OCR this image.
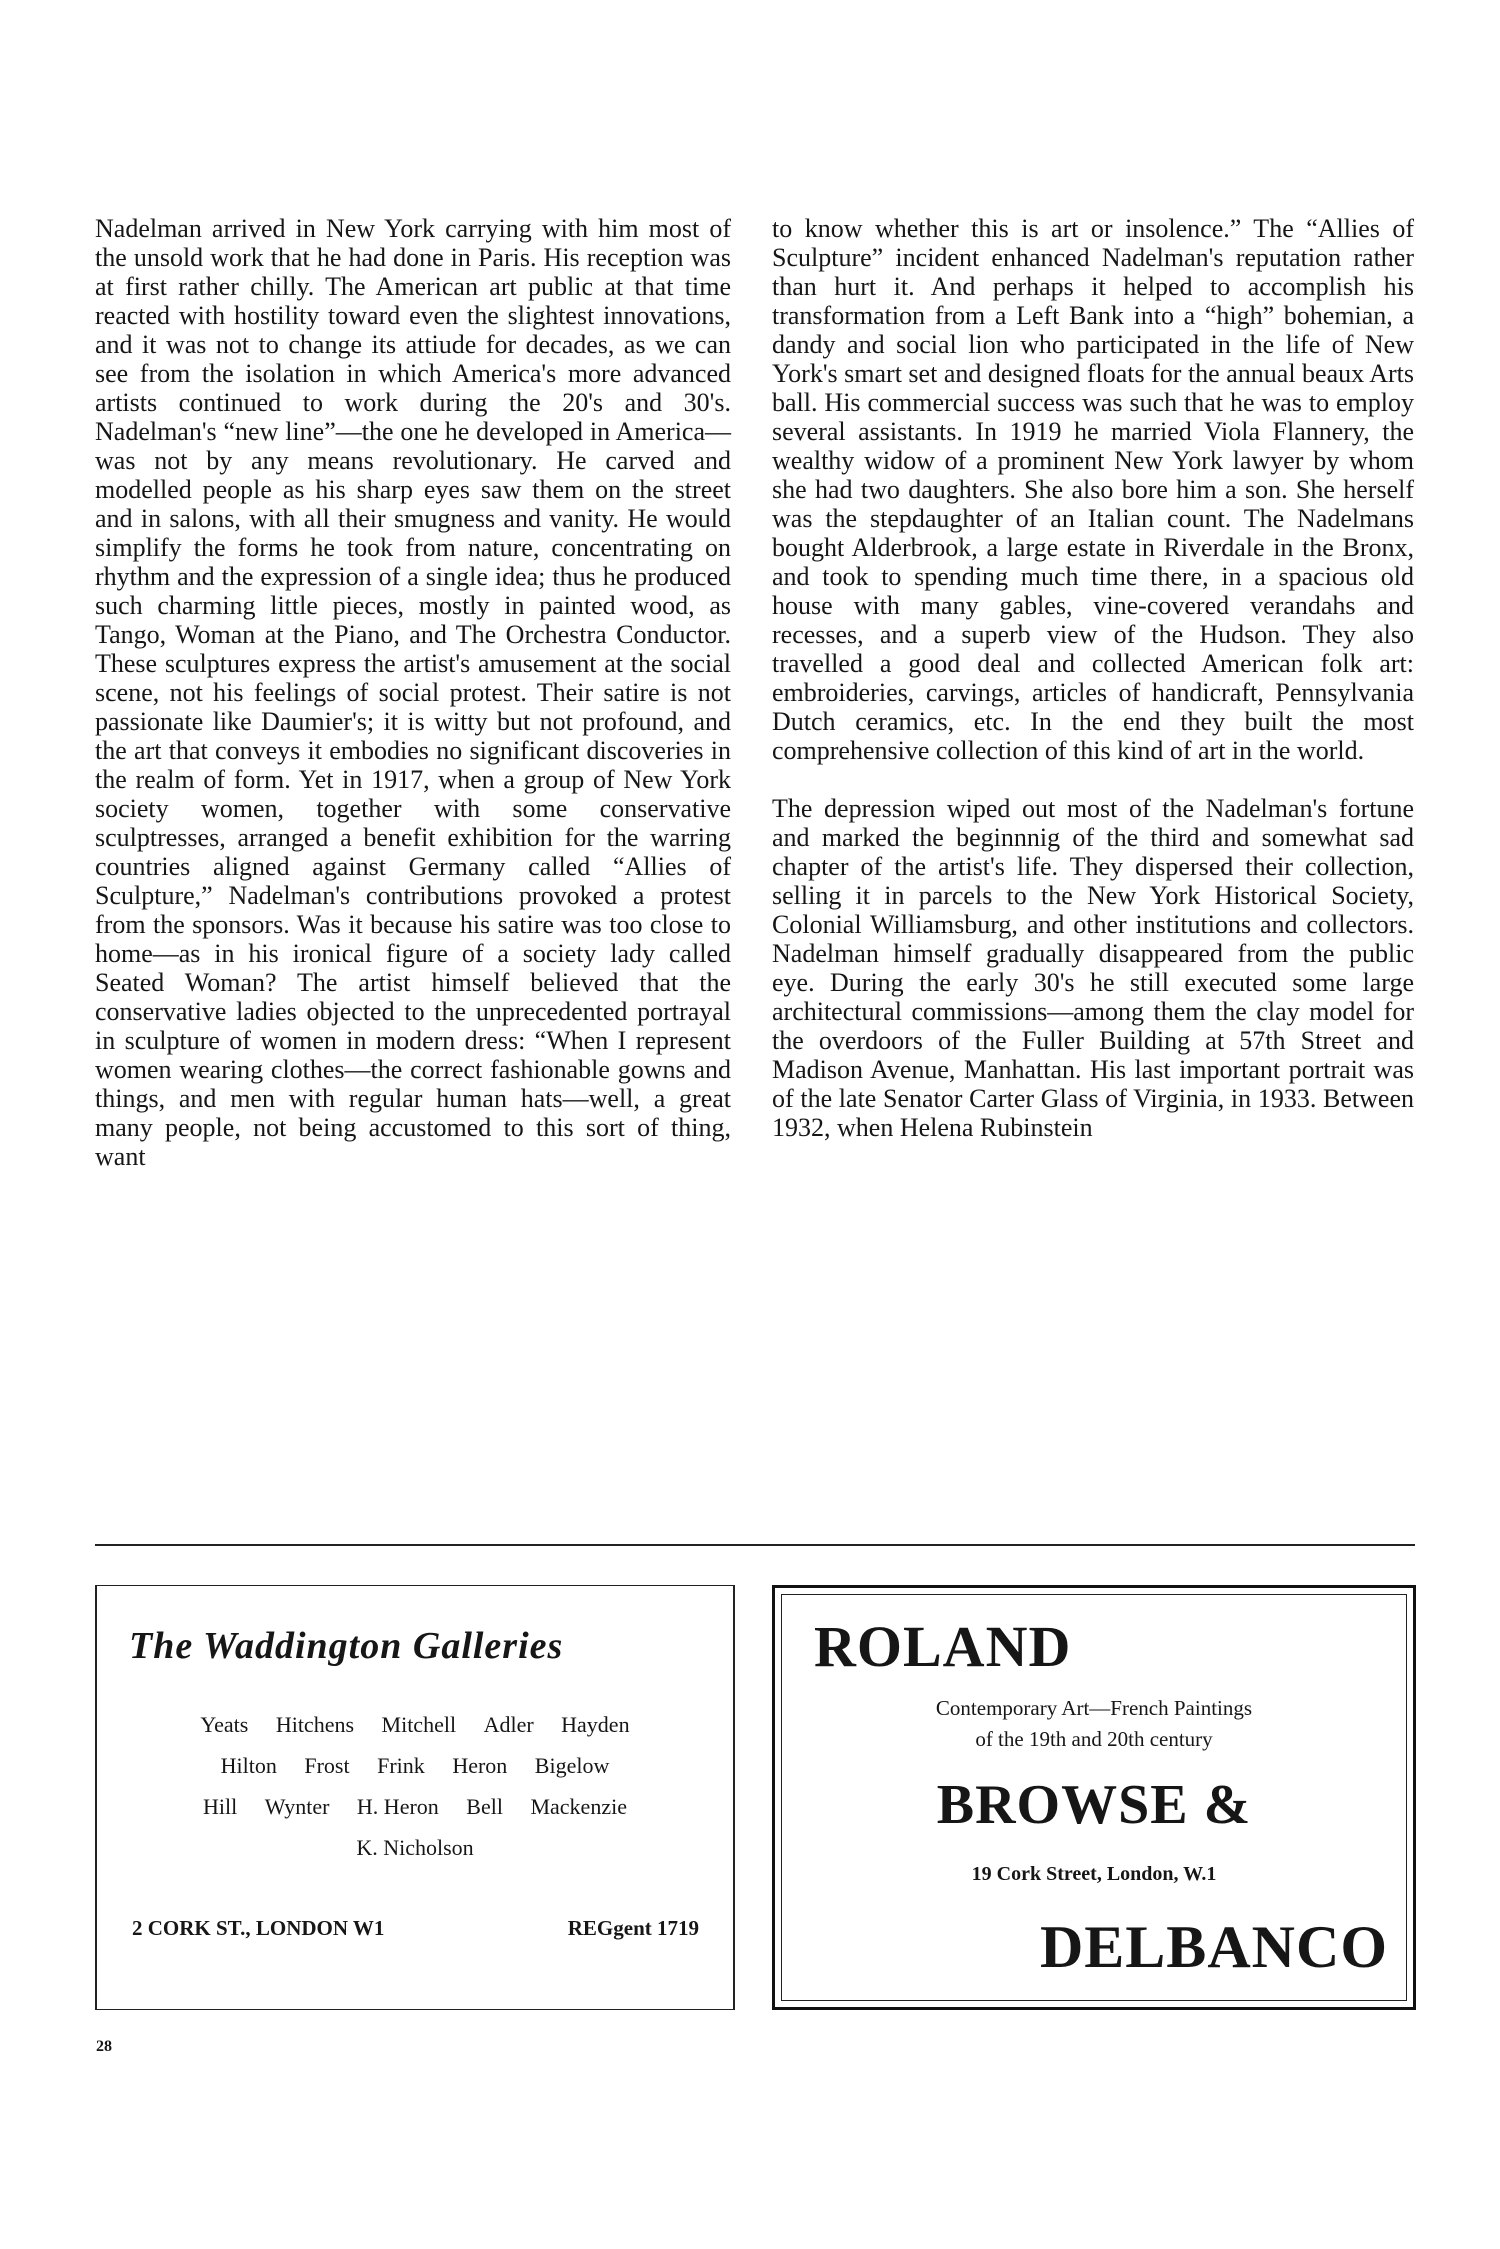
Nadelman arrived in New York carrying with him most of the unsold work that he had done in Paris. His reception was at first rather chilly. The American art public at that time reacted with hostility toward even the slightest innovations, and it was not to change its attiude for decades, as we can see from the isolation in which America's more advanced artists continued to work during the 20's and 30's. Nadelman's “new line”—the one he developed in America—was not by any means revolutionary. He carved and modelled people as his sharp eyes saw them on the street and in salons, with all their smugness and vanity. He would simplify the forms he took from nature, concentrating on rhythm and the expression of a single idea; thus he produced such charming little pieces, mostly in painted wood, as Tango, Woman at the Piano, and The Orchestra Conductor. These sculptures express the artist's amusement at the social scene, not his feelings of social protest. Their satire is not passionate like Daumier's; it is witty but not profound, and the art that conveys it embodies no significant discoveries in the realm of form. Yet in 1917, when a group of New York society women, together with some conservative sculptresses, arranged a benefit exhibition for the warring countries aligned against Germany called “Allies of Sculpture,” Nadelman's contributions provoked a protest from the sponsors. Was it because his satire was too close to home—as in his ironical figure of a society lady called Seated Woman? The artist himself believed that the conservative ladies objected to the unprecedented portrayal in sculpture of women in modern dress: “When I represent women wearing clothes—the correct fashionable gowns and things, and men with regular human hats—well, a great many people, not being accustomed to this sort of thing, want

to know whether this is art or insolence.” The “Allies of Sculpture” incident enhanced Nadelman's reputation rather than hurt it. And perhaps it helped to accomplish his transformation from a Left Bank into a “high” bohemian, a dandy and social lion who participated in the life of New York's smart set and designed floats for the annual beaux Arts ball. His commercial success was such that he was to employ several assistants. In 1919 he married Viola Flannery, the wealthy widow of a prominent New York lawyer by whom she had two daughters. She also bore him a son. She herself was the stepdaughter of an Italian count. The Nadelmans bought Alderbrook, a large estate in Riverdale in the Bronx, and took to spending much time there, in a spacious old house with many gables, vine-covered verandahs and recesses, and a superb view of the Hudson. They also travelled a good deal and collected American folk art: embroideries, carvings, articles of handicraft, Pennsylvania Dutch ceramics, etc. In the end they built the most comprehensive collection of this kind of art in the world.

The depression wiped out most of the Nadelman's fortune and marked the beginnnig of the third and somewhat sad chapter of the artist's life. They dispersed their collection, selling it in parcels to the New York Historical Society, Colonial Williamsburg, and other institutions and collectors. Nadelman himself gradually disappeared from the public eye. During the early 30's he still executed some large architectural commissions—among them the clay model for the overdoors of the Fuller Building at 57th Street and Madison Avenue, Manhattan. His last important portrait was of the late Senator Carter Glass of Virginia, in 1933. Between 1932, when Helena Rubinstein

The Waddington Galleries
Yeats Hitchens Mitchell Adler Hayden
Hilton Frost Frink Heron Bigelow
Hill Wynter H. Heron Bell Mackenzie
K. Nicholson
2 CORK ST., LONDON W1	REGgent 1719
ROLAND
Contemporary Art—French Paintings
of the 19th and 20th century
BROWSE &
19 Cork Street, London, W.1
DELBANCO
28
